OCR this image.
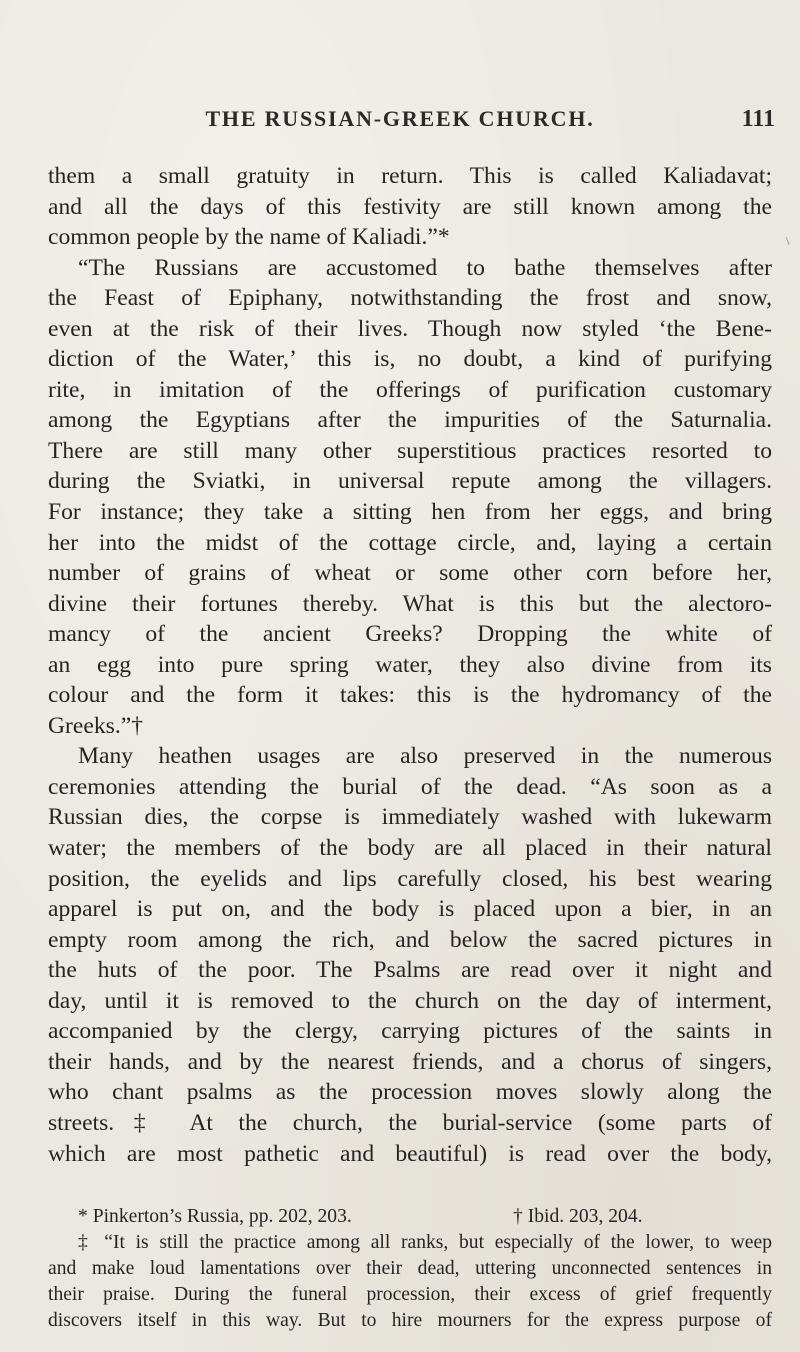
THE RUSSIAN-GREEK CHURCH.	111
them a small gratuity in return. This is called Kaliadavat;
and all the days of this festivity are still known among the
common people by the name of Kaliadi.”*
“The Russians are accustomed to bathe themselves after
the Feast of Epiphany, notwithstanding the frost and snow,
even at the risk of their lives. Though now styled ‘the Bene-
diction of the Water,’ this is, no doubt, a kind of purifying
rite, in imitation of the offerings of purification customary
among the Egyptians after the impurities of the Saturnalia.
There are still many other superstitious practices resorted to
during the Sviatki, in universal repute among the villagers.
For instance; they take a sitting hen from her eggs, and bring
her into the midst of the cottage circle, and, laying a certain
number of grains of wheat or some other corn before her,
divine their fortunes thereby. What is this but the alectoro-
mancy of the ancient Greeks? Dropping the white of
an egg into pure spring water, they also divine from its
colour and the form it takes: this is the hydromancy of the
Greeks.”†
Many heathen usages are also preserved in the numerous
ceremonies attending the burial of the dead. “As soon as a
Russian dies, the corpse is immediately washed with lukewarm
water; the members of the body are all placed in their natural
position, the eyelids and lips carefully closed, his best wearing
apparel is put on, and the body is placed upon a bier, in an
empty room among the rich, and below the sacred pictures in
the huts of the poor. The Psalms are read over it night and
day, until it is removed to the church on the day of interment,
accompanied by the clergy, carrying pictures of the saints in
their hands, and by the nearest friends, and a chorus of singers,
who chant psalms as the procession moves slowly along the
streets.‡ At the church, the burial-service (some parts of
which are most pathetic and beautiful) is read over the body,
* Pinkerton’s Russia, pp. 202, 203.	† Ibid. 203, 204.
‡ “It is still the practice among all ranks, but especially of the lower, to weep
and make loud lamentations over their dead, uttering unconnected sentences in
their praise. During the funeral procession, their excess of grief frequently
discovers itself in this way. But to hire mourners for the express purpose of
